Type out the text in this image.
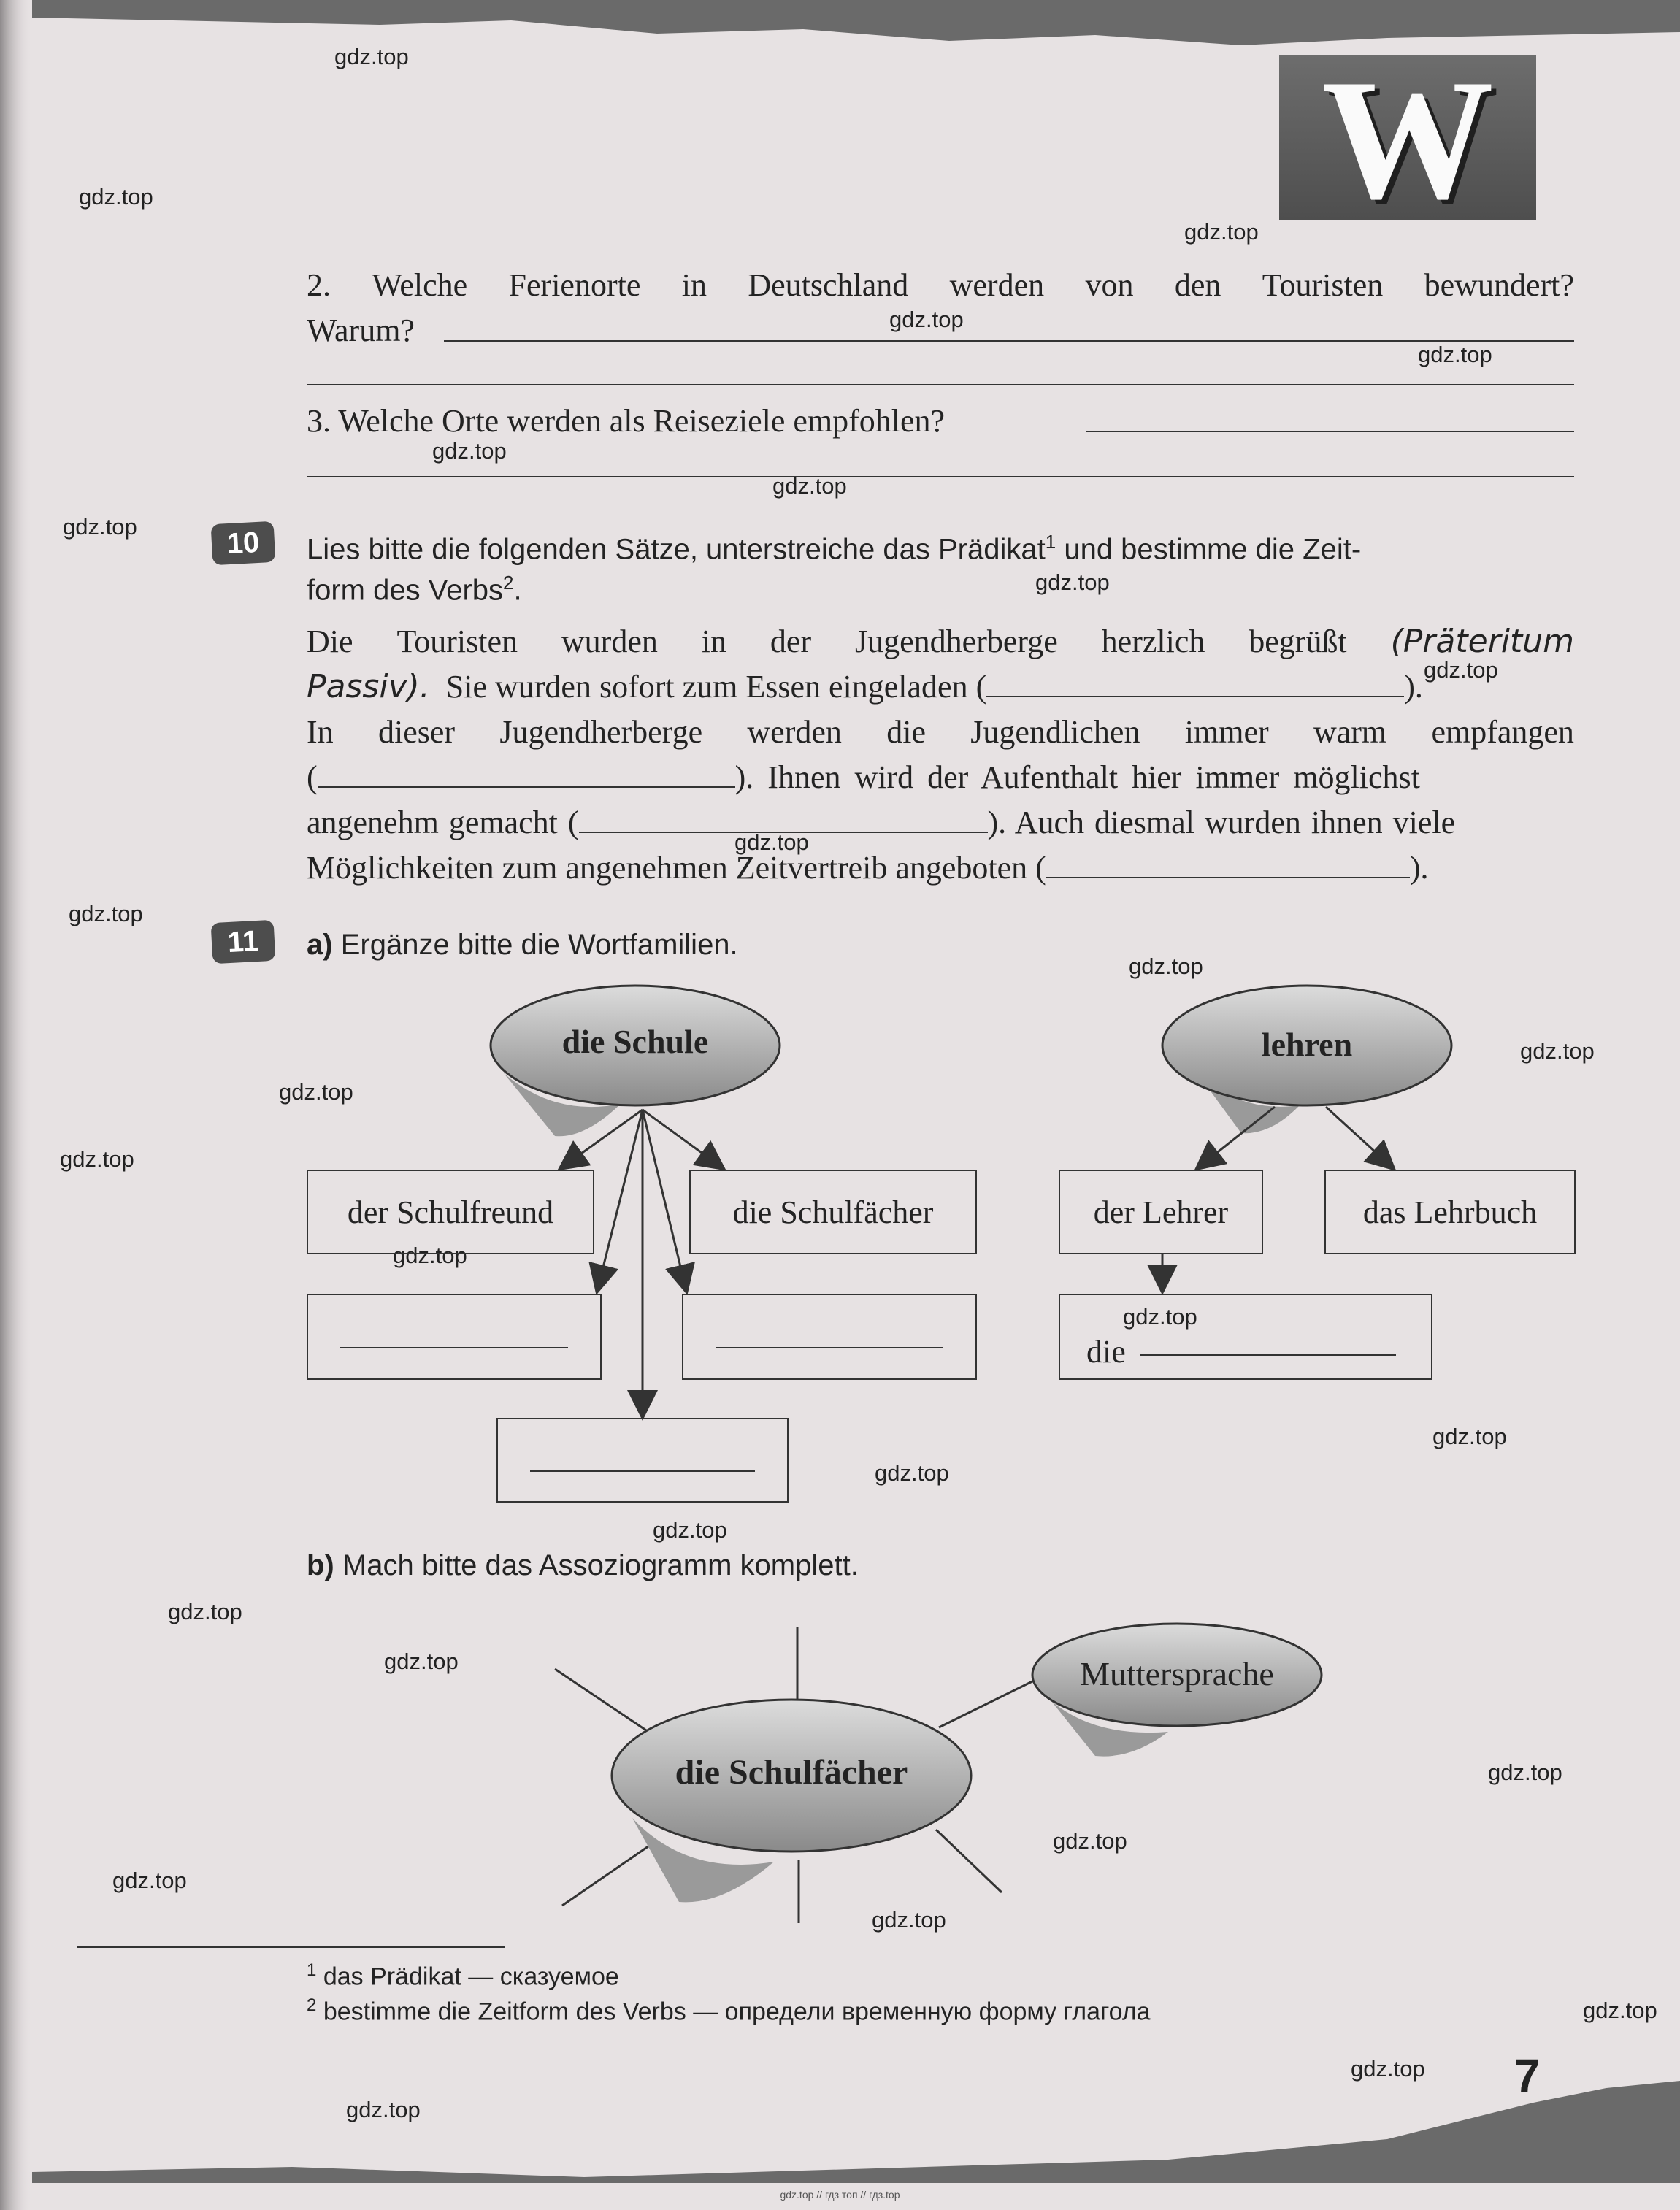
gdz.top // гдз топ // гдз.top
W
gdz.top
gdz.top
gdz.top
gdz.top
gdz.top
gdz.top
gdz.top
gdz.top
gdz.top
gdz.top
gdz.top
gdz.top
gdz.top
gdz.top
gdz.top
gdz.top
gdz.top
gdz.top
gdz.top
gdz.top
gdz.top
gdz.top
gdz.top
gdz.top
gdz.top
gdz.top
gdz.top
gdz.top
gdz.top
gdz.top
2. Welche Ferienorte in Deutschland werden von den Touristen bewundert?
Warum?
3. Welche Orte werden als Reiseziele empfohlen?
10	Lies bitte die folgenden Sätze, unterstreiche das Prädikat$^1$ und bestimme die Zeit-
form des Verbs$^2$.
Die Touristen wurden in der Jugendherberge herzlich begrüßt (Präteritum
Passiv). Sie wurden sofort zum Essen eingeladen (	).
In dieser Jugendherberge werden die Jugendlichen immer warm empfangen
(	). Ihnen wird der Aufenthalt hier immer möglichst
angenehm gemacht (	). Auch diesmal wurden ihnen viele
Möglichkeiten zum angenehmen Zeitvertreib angeboten (	).
11	a) Ergänze bitte die Wortfamilien.
die Schule	lehren
der Schulfreund	die Schulfächer	der Lehrer	das Lehrbuch
die
b) Mach bitte das Assoziogramm komplett.
Muttersprache
die Schulfächer
$^1$ das Prädikat — сказуемое
$^2$ bestimme die Zeitform des Verbs — определи временную форму глагола
7
